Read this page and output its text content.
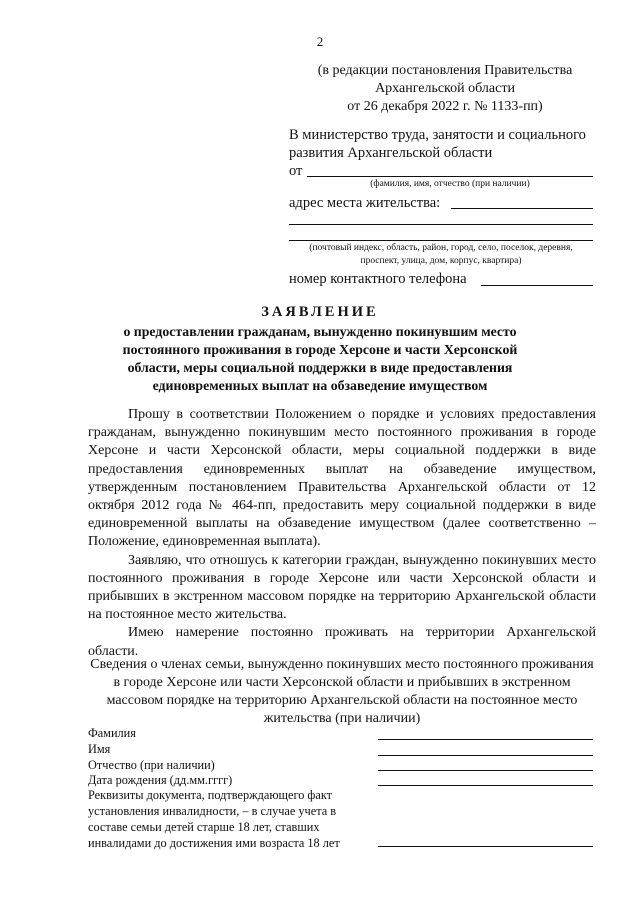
2
(в редакции постановления Правительства
Архангельской области
от 26 декабря 2022 г. № 1133-пп)
В министерство труда, занятости и социального
развития Архангельской области
от
(фамилия, имя, отчество (при наличии)
адрес места жительства:
(почтовый индекс, область, район, город, село, поселок, деревня,
проспект, улица, дом, корпус, квартира)
номер контактного телефона
ЗАЯВЛЕНИЕ
о предоставлении гражданам, вынужденно покинувшим место постоянного проживания в городе Херсоне и части Херсонской области, меры социальной поддержки в виде предоставления единовременных выплат на обзаведение имуществом

Прошу в соответствии Положением о порядке и условиях предоставления гражданам, вынужденно покинувшим место постоянного проживания в городе Херсоне и части Херсонской области, меры социальной поддержки в виде предоставления единовременных выплат на обзаведение имуществом, утвержденным постановлением Правительства Архангельской области от 12 октября 2012 года № 464-пп, предоставить меру социальной поддержки в виде единовременной выплаты на обзаведение имуществом (далее соответственно – Положение, единовременная выплата).

Заявляю, что отношусь к категории граждан, вынужденно покинувших место постоянного проживания в городе Херсоне или части Херсонской области и прибывших в экстренном массовом порядке на территорию Архангельской области на постоянное место жительства.

Имею намерение постоянно проживать на территории Архангельской области.

Сведения о членах семьи, вынужденно покинувших место постоянного проживания в городе Херсоне или части Херсонской области и прибывших в экстренном массовом порядке на территорию Архангельской области на постоянное место жительства (при наличии)
Фамилия
Имя
Отчество (при наличии)
Дата рождения (дд.мм.гггг)
Реквизиты документа, подтверждающего факт установления инвалидности, – в случае учета в составе семьи детей старше 18 лет, ставших инвалидами до достижения ими возраста 18 лет
